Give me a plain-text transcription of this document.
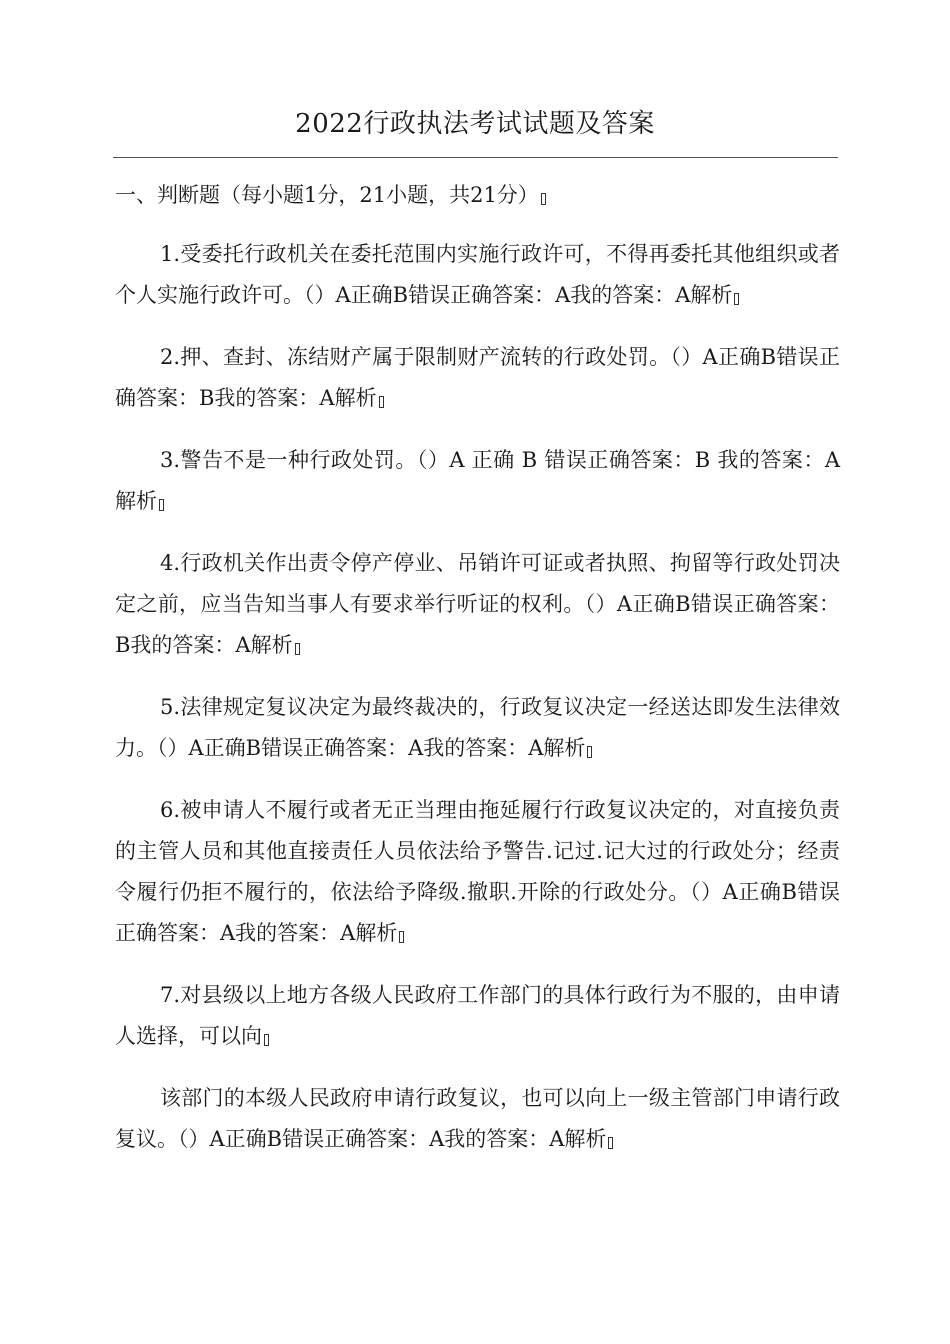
2022行政执法考试试题及答案
一、判断题（每小题1分，21小题，共21分）

1.受委托行政机关在委托范围内实施行政许可，不得再委托其他组织或者个人实施行政许可。（）A正确B错误正确答案：A我的答案：A解析

2.押、查封、冻结财产属于限制财产流转的行政处罚。（）A正确B错误正确答案：B我的答案：A解析

3.警告不是一种行政处罚。（）A 正确 B 错误正确答案：B 我的答案：A解析

4.行政机关作出责令停产停业、吊销许可证或者执照、拘留等行政处罚决定之前，应当告知当事人有要求举行听证的权利。（）A正确B错误正确答案：B我的答案：A解析

5.法律规定复议决定为最终裁决的，行政复议决定一经送达即发生法律效力。（）A正确B错误正确答案：A我的答案：A解析

6.被申请人不履行或者无正当理由拖延履行行政复议决定的，对直接负责的主管人员和其他直接责任人员依法给予警告.记过.记大过的行政处分；经责令履行仍拒不履行的，依法给予降级.撤职.开除的行政处分。（）A正确B错误正确答案：A我的答案：A解析

7.对县级以上地方各级人民政府工作部门的具体行政行为不服的，由申请人选择，可以向

该部门的本级人民政府申请行政复议，也可以向上一级主管部门申请行政复议。（）A正确B错误正确答案：A我的答案：A解析
